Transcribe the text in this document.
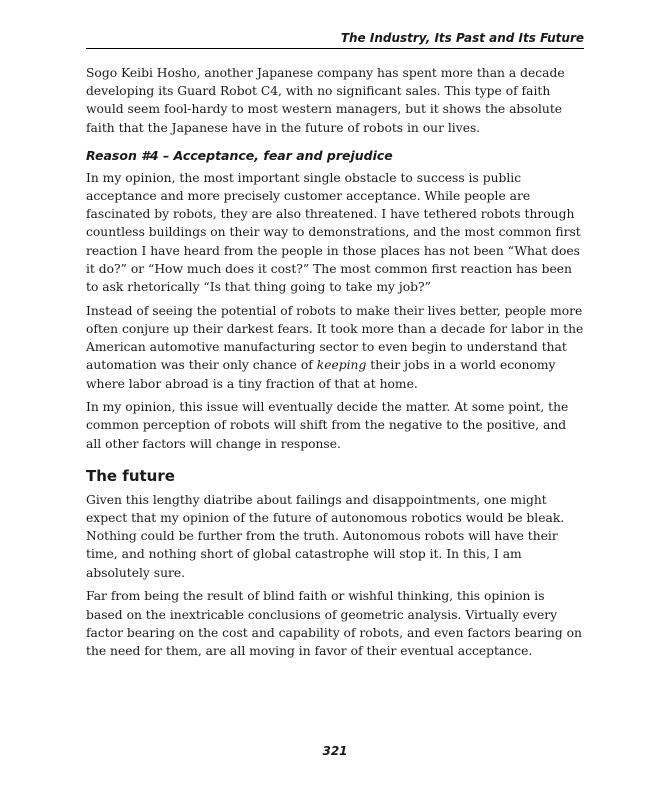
The Industry, Its Past and Its Future

Sogo Keibi Hosho, another Japanese company has spent more than a decade developing its Guard Robot C4, with no significant sales. This type of faith would seem fool-hardy to most western managers, but it shows the absolute faith that the Japanese have in the future of robots in our lives.

Reason #4 – Acceptance, fear and prejudice

In my opinion, the most important single obstacle to success is public acceptance and more precisely customer acceptance. While people are fascinated by robots, they are also threatened. I have tethered robots through countless buildings on their way to demonstrations, and the most common first reaction I have heard from the people in those places has not been “What does it do?” or “How much does it cost?” The most common first reaction has been to ask rhetorically “Is that thing going to take my job?”

Instead of seeing the potential of robots to make their lives better, people more often conjure up their darkest fears. It took more than a decade for labor in the American automotive manufacturing sector to even begin to understand that automation was their only chance of keeping their jobs in a world economy where labor abroad is a tiny fraction of that at home.

In my opinion, this issue will eventually decide the matter. At some point, the common perception of robots will shift from the negative to the positive, and all other factors will change in response.

The future

Given this lengthy diatribe about failings and disappointments, one might expect that my opinion of the future of autonomous robotics would be bleak. Nothing could be further from the truth. Autonomous robots will have their time, and nothing short of global catastrophe will stop it. In this, I am absolutely sure.

Far from being the result of blind faith or wishful thinking, this opinion is based on the inextricable conclusions of geometric analysis. Virtually every factor bearing on the cost and capability of robots, and even factors bearing on the need for them, are all moving in favor of their eventual acceptance.

321
